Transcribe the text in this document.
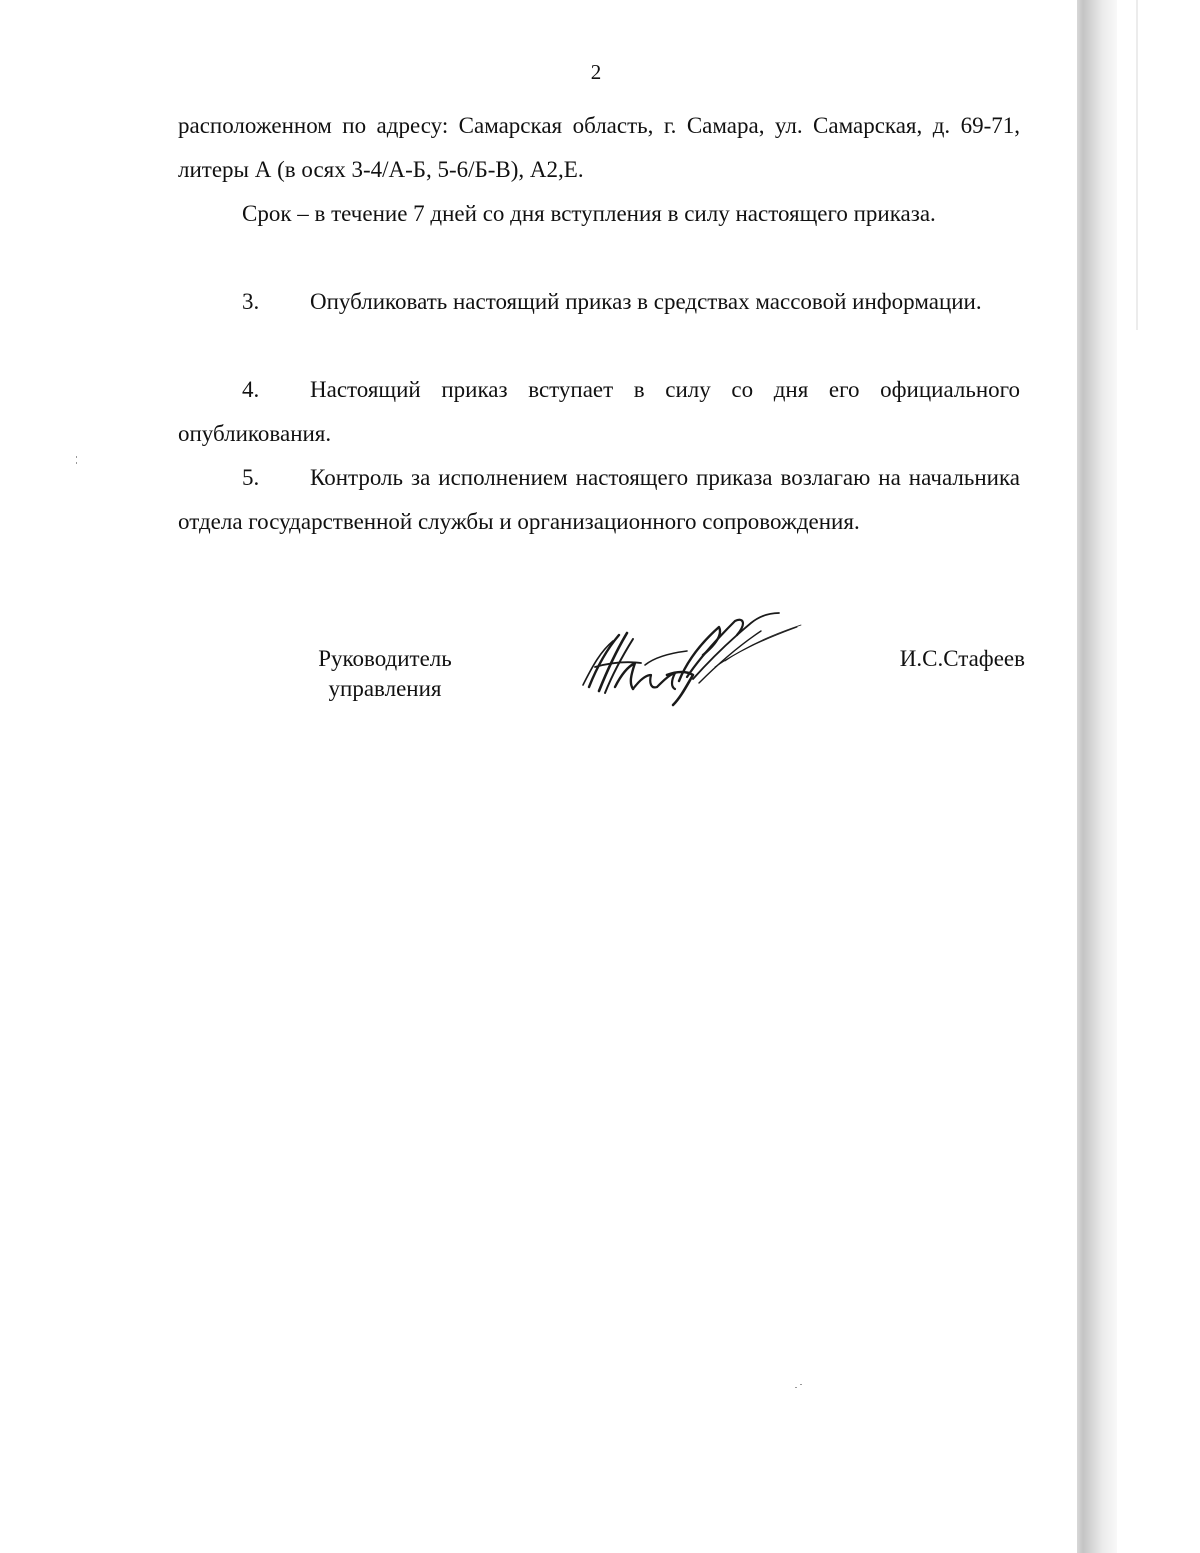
2

расположенном по адресу: Самарская область, г. Самара, ул. Самарская, д. 69-71, литеры А (в осях 3-4/А-Б, 5-6/Б-В), А2,Е.

Срок – в течение 7 дней со дня вступления в силу настоящего приказа.

3. Опубликовать настоящий приказ в средствах массовой информации.

4. Настоящий приказ вступает в силу со дня его официального опубликования.

5. Контроль за исполнением настоящего приказа возлагаю на начальника отдела государственной службы и организационного сопровождения.

Руководитель
управления
И.С.Стафеев
